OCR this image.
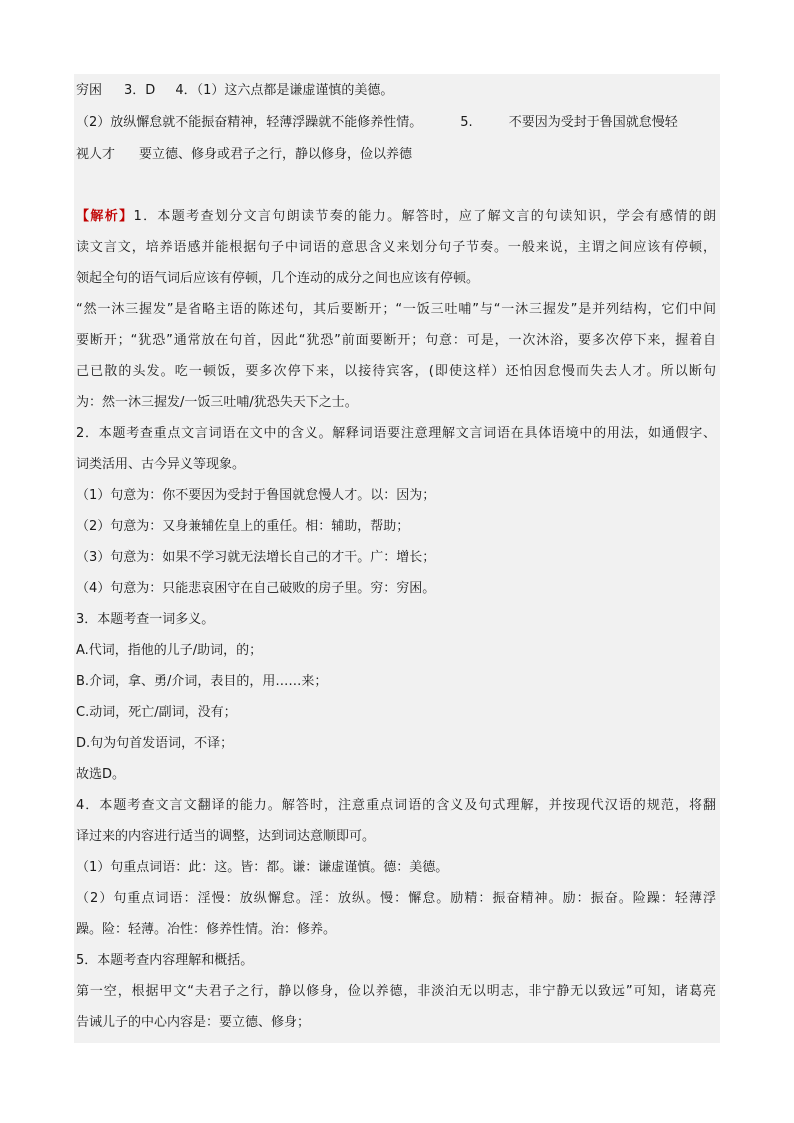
穷困 3．D 4．（1）这六点都是谦虚谨慎的美德。
（2）放纵懈怠就不能振奋精神，轻薄浮躁就不能修养性情。	5.	不要因为受封于鲁国就怠慢轻
视人才 要立德、修身或君子之行，静以修身，俭以养德
【解析】1．本题考查划分文言句朗读节奏的能力。解答时，应了解文言的句读知识，学会有感情的朗
读文言文，培养语感并能根据句子中词语的意思含义来划分句子节奏。一般来说，主谓之间应该有停顿，
领起全句的语气词后应该有停顿，几个连动的成分之间也应该有停顿。
“然一沐三握发”是省略主语的陈述句，其后要断开；“一饭三吐哺”与“一沐三握发”是并列结构，它们中间
要断开；“犹恐”通常放在句首，因此“犹恐”前面要断开；句意：可是，一次沐浴，要多次停下来，握着自
己已散的头发。吃一顿饭，要多次停下来，以接待宾客，(即使这样）还怕因怠慢而失去人才。所以断句
为：然一沐三握发/一饭三吐哺/犹恐失天下之士。
2．本题考查重点文言词语在文中的含义。解释词语要注意理解文言词语在具体语境中的用法，如通假字、
词类活用、古今异义等现象。
（1）句意为：你不要因为受封于鲁国就怠慢人才。以：因为；
（2）句意为：又身兼辅佐皇上的重任。相：辅助，帮助；
（3）句意为：如果不学习就无法增长自己的才干。广：增长；
（4）句意为：只能悲哀困守在自己破败的房子里。穷：穷困。
3．本题考查一词多义。
A.代词，指他的儿子/助词，的；
B.介词，拿、勇/介词，表目的，用……来；
C.动词，死亡/副词，没有；
D.句为句首发语词，不译；
故选D。
4．本题考查文言文翻译的能力。解答时，注意重点词语的含义及句式理解，并按现代汉语的规范，将翻
译过来的内容进行适当的调整，达到词达意顺即可。
（1）句重点词语：此：这。皆：都。谦：谦虚谨慎。德：美德。
（2）句重点词语：淫慢：放纵懈怠。淫：放纵。慢：懈怠。励精：振奋精神。励：振奋。险躁：轻薄浮
躁。险：轻薄。冶性：修养性情。治：修养。
5．本题考查内容理解和概括。
第一空，根据甲文“夫君子之行，静以修身，俭以养德，非淡泊无以明志，非宁静无以致远”可知，诸葛亮
告诫儿子的中心内容是：要立德、修身；
